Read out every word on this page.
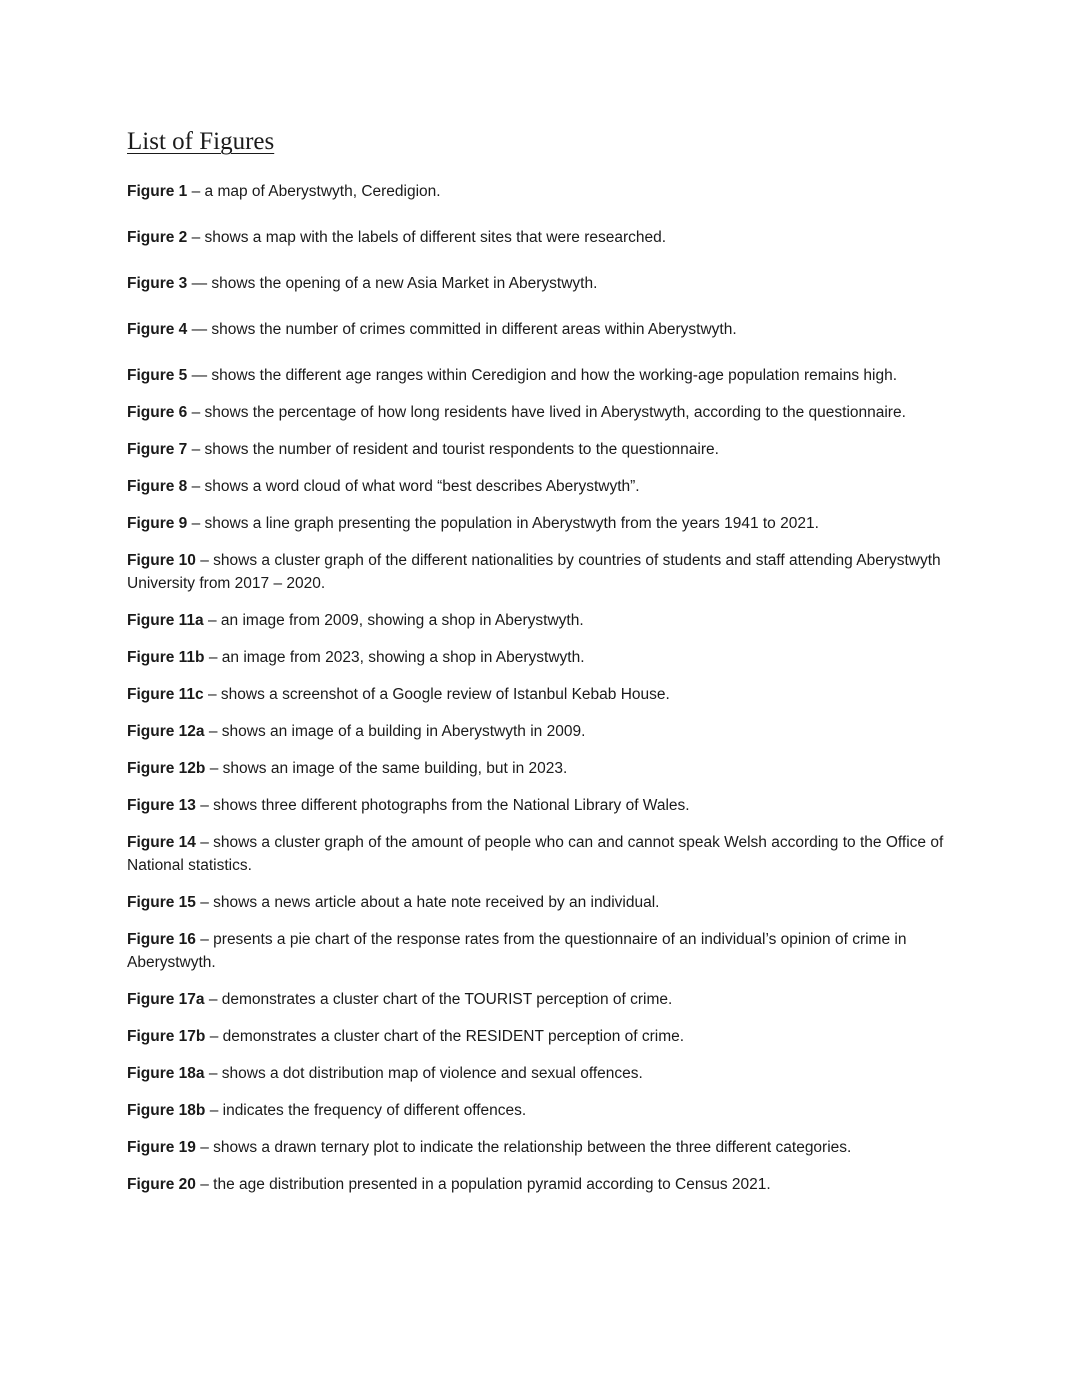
List of Figures

Figure 1 – a map of Aberystwyth, Ceredigion.

Figure 2 – shows a map with the labels of different sites that were researched.

Figure 3 — shows the opening of a new Asia Market in Aberystwyth.

Figure 4 — shows the number of crimes committed in different areas within Aberystwyth.

Figure 5 — shows the different age ranges within Ceredigion and how the working-age population remains high.

Figure 6 – shows the percentage of how long residents have lived in Aberystwyth, according to the questionnaire.

Figure 7 – shows the number of resident and tourist respondents to the questionnaire.

Figure 8 – shows a word cloud of what word “best describes Aberystwyth”.

Figure 9 – shows a line graph presenting the population in Aberystwyth from the years 1941 to 2021.

Figure 10 – shows a cluster graph of the different nationalities by countries of students and staff attending Aberystwyth University from 2017 – 2020.

Figure 11a – an image from 2009, showing a shop in Aberystwyth.

Figure 11b – an image from 2023, showing a shop in Aberystwyth.

Figure 11c – shows a screenshot of a Google review of Istanbul Kebab House.

Figure 12a – shows an image of a building in Aberystwyth in 2009.

Figure 12b – shows an image of the same building, but in 2023.

Figure 13 – shows three different photographs from the National Library of Wales.

Figure 14 – shows a cluster graph of the amount of people who can and cannot speak Welsh according to the Office of National statistics.

Figure 15 – shows a news article about a hate note received by an individual.

Figure 16 – presents a pie chart of the response rates from the questionnaire of an individual’s opinion of crime in Aberystwyth.

Figure 17a – demonstrates a cluster chart of the TOURIST perception of crime.

Figure 17b – demonstrates a cluster chart of the RESIDENT perception of crime.

Figure 18a – shows a dot distribution map of violence and sexual offences.

Figure 18b – indicates the frequency of different offences.

Figure 19 – shows a drawn ternary plot to indicate the relationship between the three different categories.

Figure 20 – the age distribution presented in a population pyramid according to Census 2021.
